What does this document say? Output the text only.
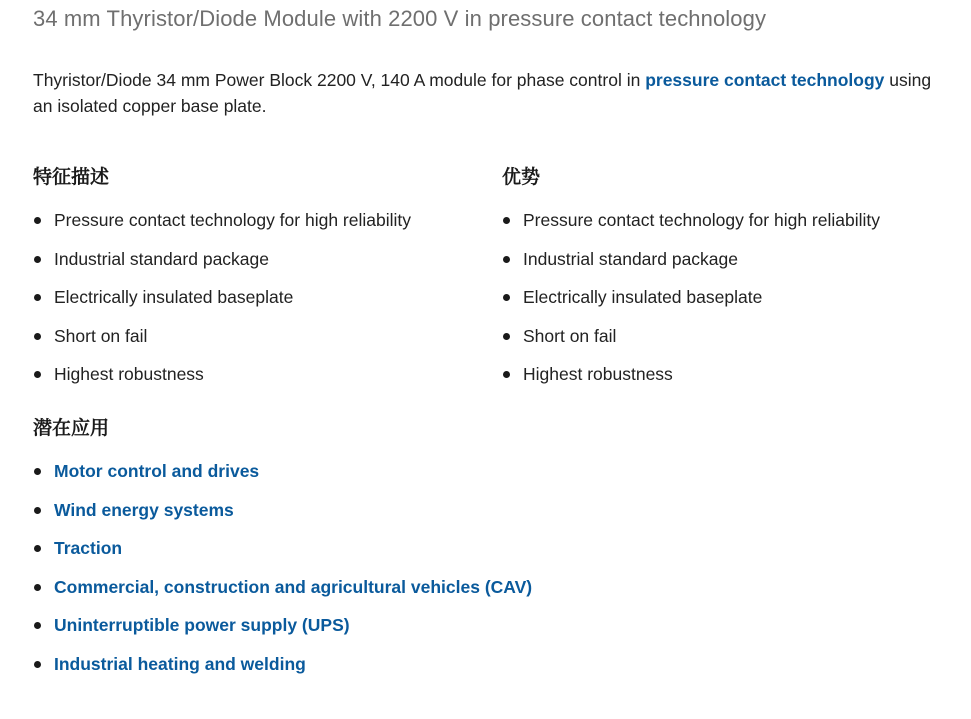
34 mm Thyristor/Diode Module with 2200 V in pressure contact technology

Thyristor/Diode 34 mm Power Block 2200 V, 140 A module for phase control in pressure contact technology using an isolated copper base plate.

特征描述
Pressure contact technology for high reliability
Industrial standard package
Electrically insulated baseplate
Short on fail
Highest robustness
优势
Pressure contact technology for high reliability
Industrial standard package
Electrically insulated baseplate
Short on fail
Highest robustness
潜在应用
Motor control and drives
Wind energy systems
Traction
Commercial, construction and agricultural vehicles (CAV)
Uninterruptible power supply (UPS)
Industrial heating and welding
